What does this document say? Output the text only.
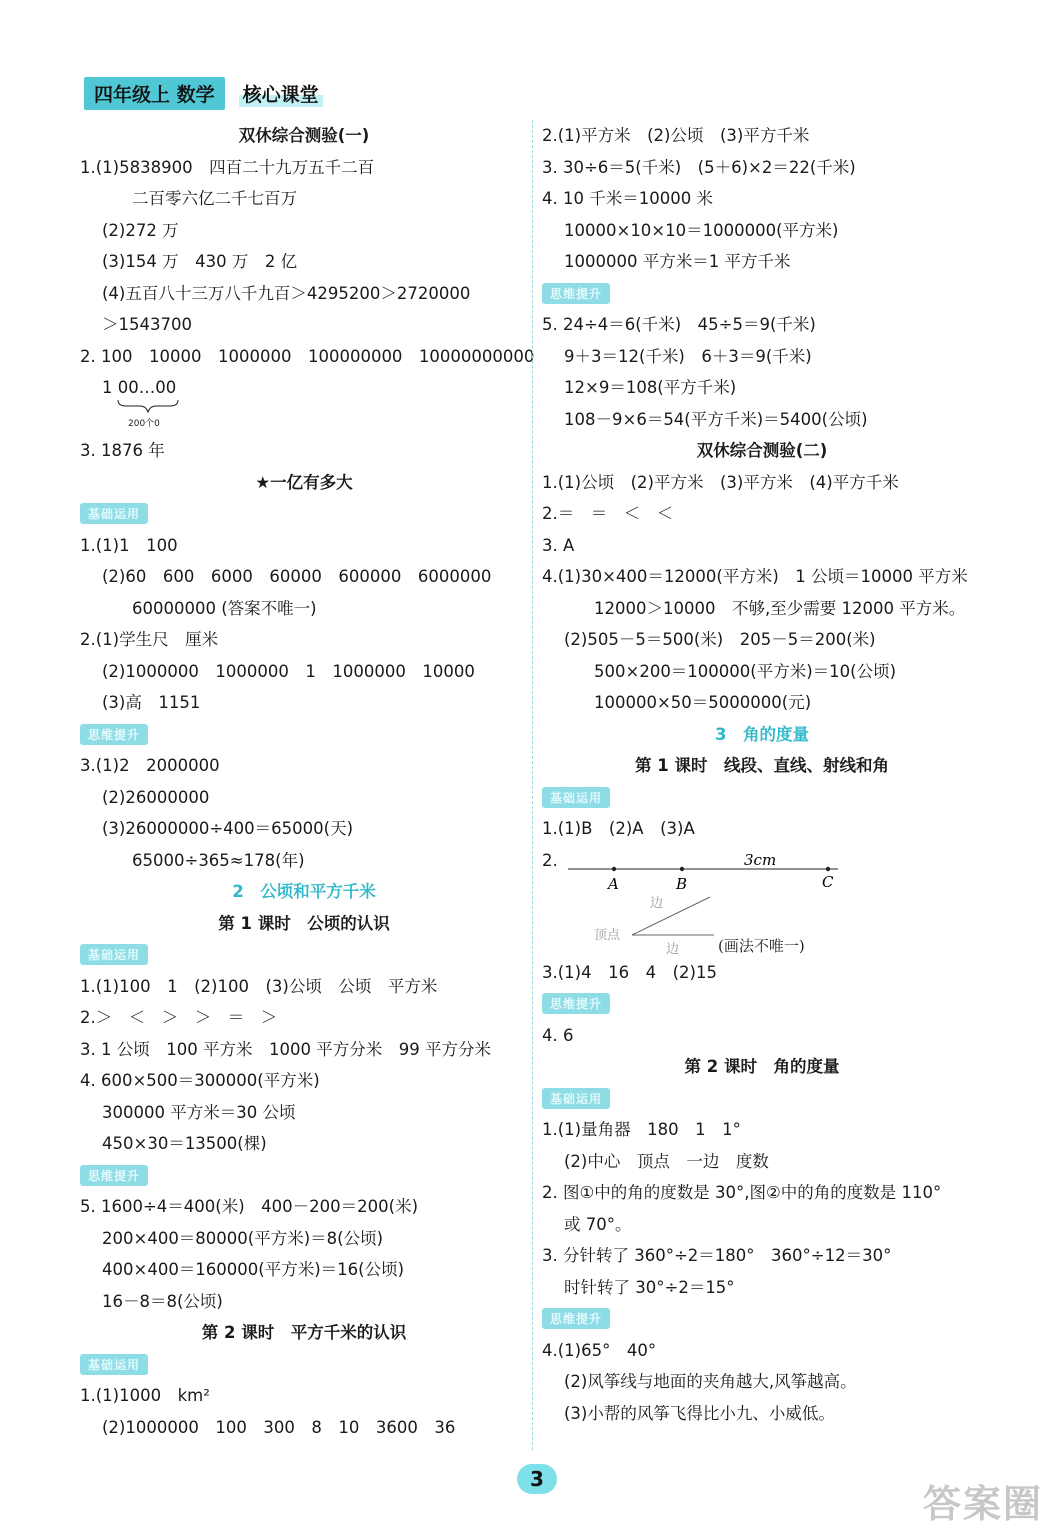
四年级上 数学	核心课堂
双休综合测验(一)
1.(1)5838900　四百二十九万五千二百
二百零六亿二千七百万
(2)272 万
(3)154 万　430 万　2 亿
(4)五百八十三万八千九百＞4295200＞2720000
＞1543700
2. 100　10000　1000000　100000000　10000000000
1 00…00
200个0
3. 1876 年
★一亿有多大
基础运用
1.(1)1　100
(2)60　600　6000　60000　600000　6000000
60000000 (答案不唯一)
2.(1)学生尺　厘米
(2)1000000　1000000　1　1000000　10000
(3)高　1151
思维提升
3.(1)2　2000000
(2)26000000
(3)26000000÷400＝65000(天)
65000÷365≈178(年)
2　公顷和平方千米
第 1 课时　公顷的认识
基础运用
1.(1)100　1　(2)100　(3)公顷　公顷　平方米
2.＞　＜　＞　＞　＝　＞
3. 1 公顷　100 平方米　1000 平方分米　99 平方分米
4. 600×500＝300000(平方米)
300000 平方米＝30 公顷
450×30＝13500(棵)
思维提升
5. 1600÷4＝400(米)　400－200＝200(米)
200×400＝80000(平方米)＝8(公顷)
400×400＝160000(平方米)＝16(公顷)
16－8＝8(公顷)
第 2 课时　平方千米的认识
基础运用
1.(1)1000　km²
(2)1000000　100　300　8　10　3600　36
2.(1)平方米　(2)公顷　(3)平方千米
3. 30÷6＝5(千米)　(5＋6)×2＝22(千米)
4. 10 千米＝10000 米
10000×10×10＝1000000(平方米)
1000000 平方米＝1 平方千米
思维提升
5. 24÷4＝6(千米)　45÷5＝9(千米)
9＋3＝12(千米)　6＋3＝9(千米)
12×9＝108(平方千米)
108－9×6＝54(平方千米)＝5400(公顷)
双休综合测验(二)
1.(1)公顷　(2)平方米　(3)平方米　(4)平方千米
2.＝　＝　＜　＜
3. A
4.(1)30×400＝12000(平方米)　1 公顷＝10000 平方米
12000＞10000　不够,至少需要 12000 平方米。
(2)505－5＝500(米)　205－5＝200(米)
500×200＝100000(平方米)＝10(公顷)
100000×50＝5000000(元)
3　角的度量
第 1 课时　线段、直线、射线和角
基础运用
1.(1)B　(2)A　(3)A
2.
A	B	C
3cm
边
顶点
边	(画法不唯一)
3.(1)4　16　4　(2)15
思维提升
4. 6
第 2 课时　角的度量
基础运用
1.(1)量角器　180　1　1°
(2)中心　顶点　一边　度数
2. 图①中的角的度数是 30°,图②中的角的度数是 110°
或 70°。
3. 分针转了 360°÷2＝180°　360°÷12＝30°
时针转了 30°÷2＝15°
思维提升
4.(1)65°　40°
(2)风筝线与地面的夹角越大,风筝越高。
(3)小帮的风筝飞得比小九、小威低。
3
答案圈
